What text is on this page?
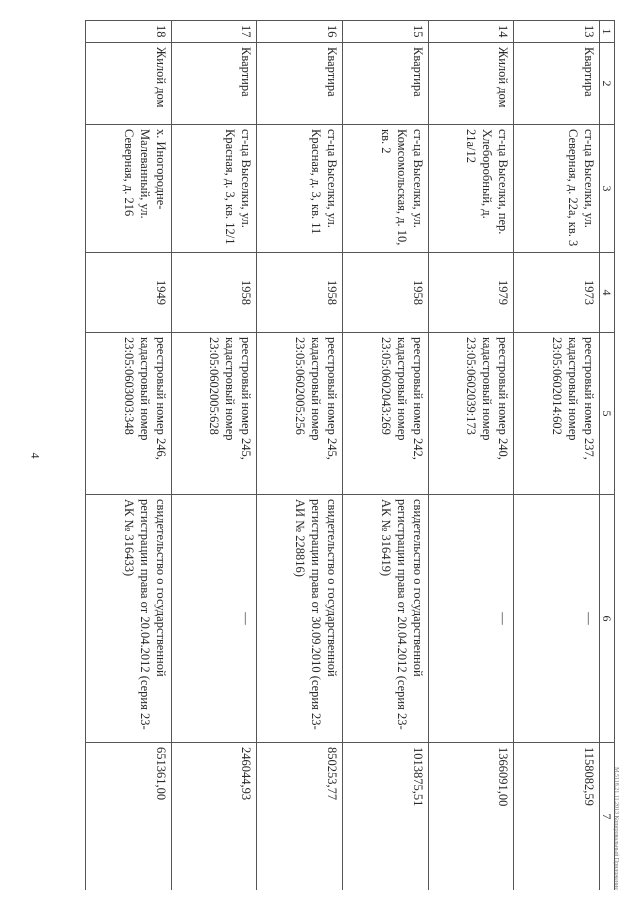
4
1	2	3	4	5	6	7
13	Квартира	ст-ца Выселки, ул. Северная, д. 22а, кв. 3	1973	реестровый номер 237, кадастровый номер 23:05:0602014:602	—	1158082,59
14	Жилой дом	ст-ца Выселки, пер. Хлеборобный, д. 21а/12	1979	реестровый номер 240, кадастровый номер 23:05:0602039:173	—	1366091,00
15	Квартира	ст-ца Выселки, ул. Комсомольская, д. 10, кв. 2	1958	реестровый номер 242, кадастровый номер 23:05:0602043:269	свидетельство о государственной регистрации права от 20.04.2012 (серия 23-АК № 316419)	1013875,51
16	Квартира	ст-ца Выселки, ул. Красная, д. 3, кв. 11	1958	реестровый номер 245, кадастровый номер 23:05:0602005:256	свидетельство о государственной регистрации права от 30.09.2010 (серия 23-АИ № 228816)	850253,77
17	Квартира	ст-ца Выселки, ул. Красная, д. 3, кв. 12/1	1958	реестровый номер 245, кадастровый номер 23:05:0602005:628	—	246044,93
18	Жилой дом	х. Иногородне-Малеванный, ул. Северная, д. 216	1949	реестровый номер 246, кадастровый номер 23:05:0603003:348	свидетельство о государственной регистрации права от 20.04.2012 (серия 23-АК № 316433)	651361,00	М.5118.21.11.2013 Копировальный Приложение
